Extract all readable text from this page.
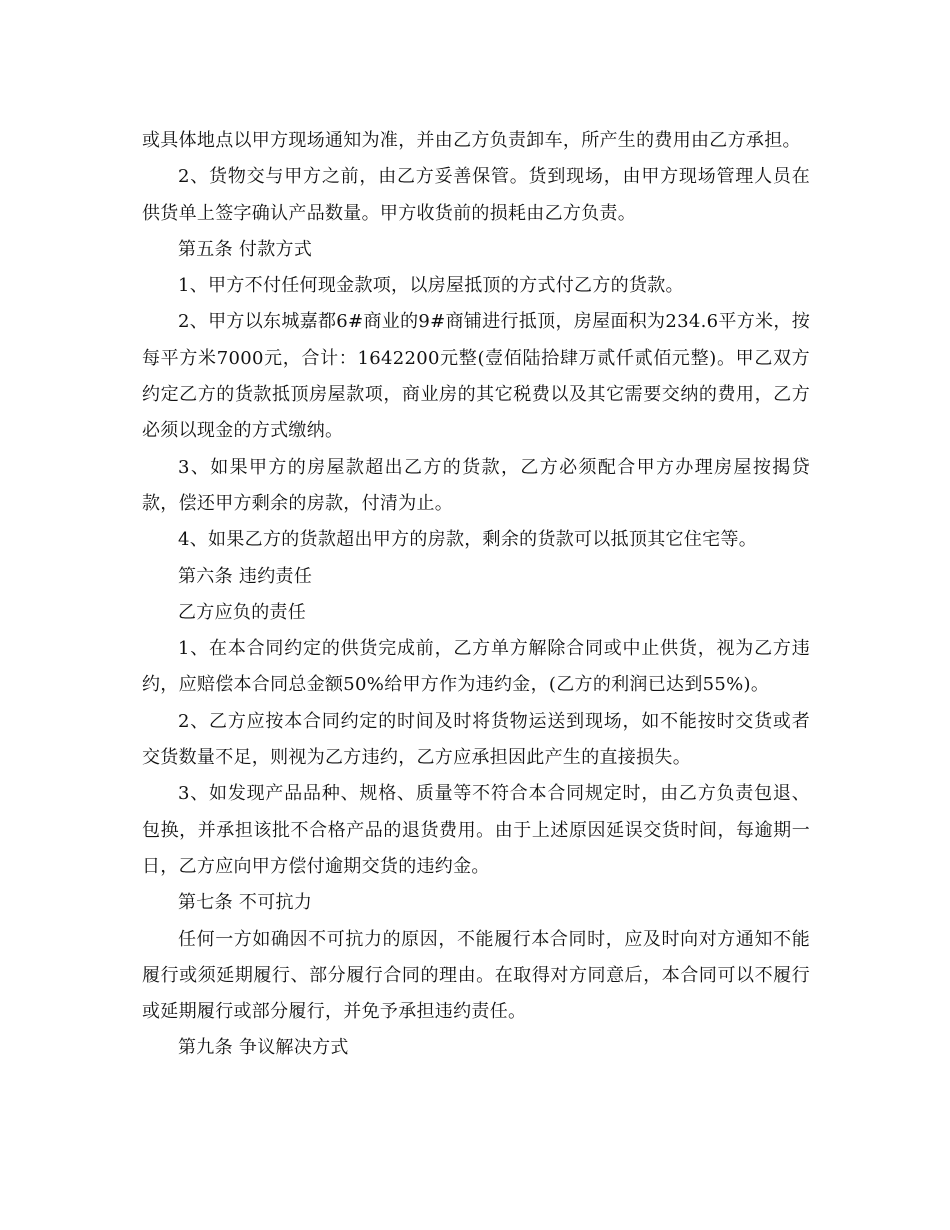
或具体地点以甲方现场通知为准，并由乙方负责卸车，所产生的费用由乙方承担。

2、货物交与甲方之前，由乙方妥善保管。货到现场，由甲方现场管理人员在供货单上签字确认产品数量。甲方收货前的损耗由乙方负责。

第五条 付款方式

1、甲方不付任何现金款项，以房屋抵顶的方式付乙方的货款。

2、甲方以东城嘉都6#商业的9#商铺进行抵顶，房屋面积为234.6平方米，按每平方米7000元，合计：1642200元整(壹佰陆拾肆万贰仟贰佰元整)。甲乙双方约定乙方的货款抵顶房屋款项，商业房的其它税费以及其它需要交纳的费用，乙方必须以现金的方式缴纳。

3、如果甲方的房屋款超出乙方的货款，乙方必须配合甲方办理房屋按揭贷款，偿还甲方剩余的房款，付清为止。

4、如果乙方的货款超出甲方的房款，剩余的货款可以抵顶其它住宅等。

第六条 违约责任

乙方应负的责任

1、在本合同约定的供货完成前，乙方单方解除合同或中止供货，视为乙方违约，应赔偿本合同总金额50%给甲方作为违约金，(乙方的利润已达到55%)。

2、乙方应按本合同约定的时间及时将货物运送到现场，如不能按时交货或者交货数量不足，则视为乙方违约，乙方应承担因此产生的直接损失。

3、如发现产品品种、规格、质量等不符合本合同规定时，由乙方负责包退、包换，并承担该批不合格产品的退货费用。由于上述原因延误交货时间，每逾期一日，乙方应向甲方偿付逾期交货的违约金。

第七条 不可抗力

任何一方如确因不可抗力的原因，不能履行本合同时，应及时向对方通知不能履行或须延期履行、部分履行合同的理由。在取得对方同意后，本合同可以不履行或延期履行或部分履行，并免予承担违约责任。

第九条 争议解决方式
